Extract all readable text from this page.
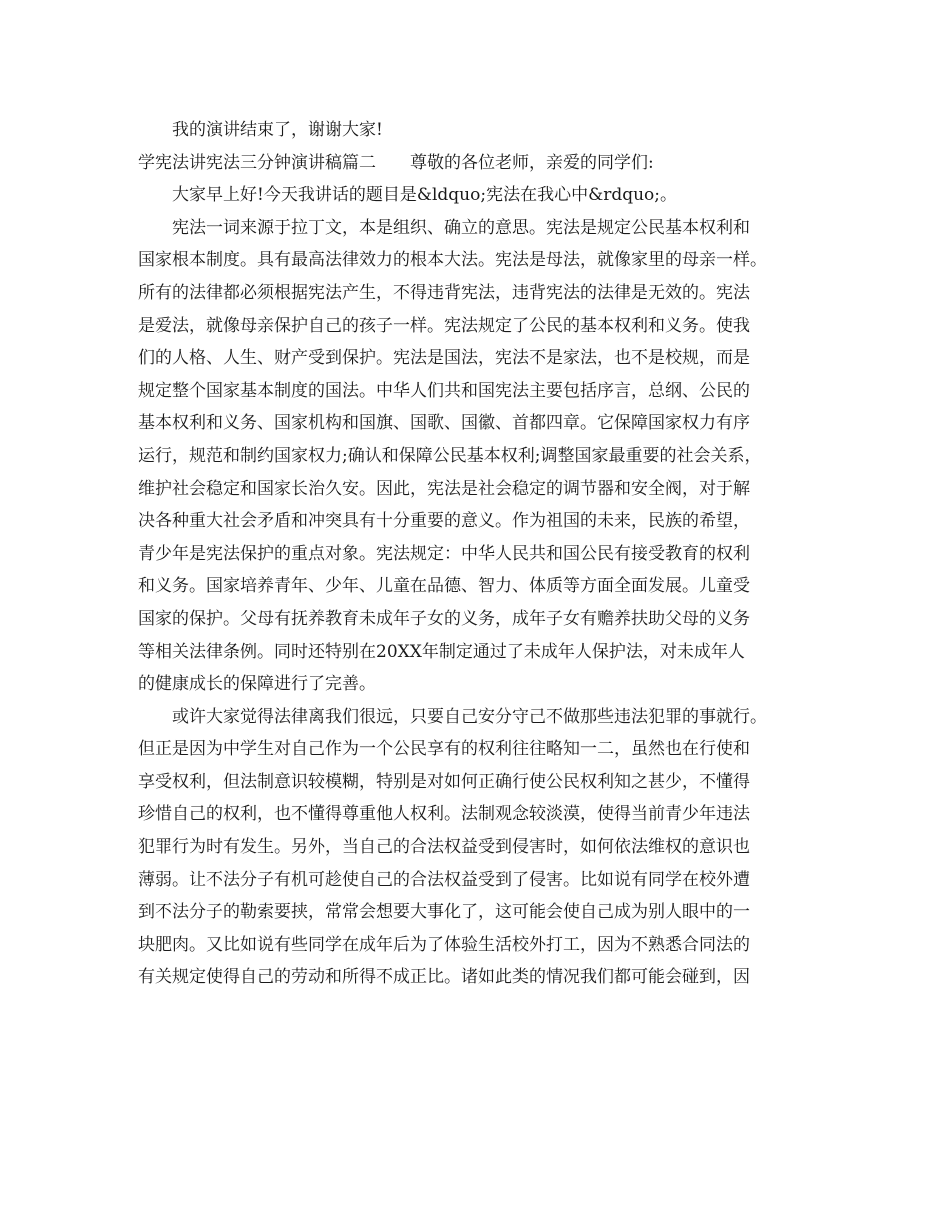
我的演讲结束了，谢谢大家!
学宪法讲宪法三分钟演讲稿篇二　　尊敬的各位老师，亲爱的同学们:
大家早上好!今天我讲话的题目是&ldquo;宪法在我心中&rdquo;。
宪法一词来源于拉丁文，本是组织、确立的意思。宪法是规定公民基本权利和
国家根本制度。具有最高法律效力的根本大法。宪法是母法，就像家里的母亲一样。
所有的法律都必须根据宪法产生，不得违背宪法，违背宪法的法律是无效的。宪法
是爱法，就像母亲保护自己的孩子一样。宪法规定了公民的基本权利和义务。使我
们的人格、人生、财产受到保护。宪法是国法，宪法不是家法，也不是校规，而是
规定整个国家基本制度的国法。中华人们共和国宪法主要包括序言，总纲、公民的
基本权利和义务、国家机构和国旗、国歌、国徽、首都四章。它保障国家权力有序
运行，规范和制约国家权力;确认和保障公民基本权利;调整国家最重要的社会关系，
维护社会稳定和国家长治久安。因此，宪法是社会稳定的调节器和安全阀，对于解
决各种重大社会矛盾和冲突具有十分重要的意义。作为祖国的未来，民族的希望，
青少年是宪法保护的重点对象。宪法规定：中华人民共和国公民有接受教育的权利
和义务。国家培养青年、少年、儿童在品德、智力、体质等方面全面发展。儿童受
国家的保护。父母有抚养教育未成年子女的义务，成年子女有赡养扶助父母的义务
等相关法律条例。同时还特别在20XX年制定通过了未成年人保护法，对未成年人
的健康成长的保障进行了完善。
或许大家觉得法律离我们很远，只要自己安分守己不做那些违法犯罪的事就行。
但正是因为中学生对自己作为一个公民享有的权利往往略知一二，虽然也在行使和
享受权利，但法制意识较模糊，特别是对如何正确行使公民权利知之甚少，不懂得
珍惜自己的权利，也不懂得尊重他人权利。法制观念较淡漠，使得当前青少年违法
犯罪行为时有发生。另外，当自己的合法权益受到侵害时，如何依法维权的意识也
薄弱。让不法分子有机可趁使自己的合法权益受到了侵害。比如说有同学在校外遭
到不法分子的勒索要挟，常常会想要大事化了，这可能会使自己成为别人眼中的一
块肥肉。又比如说有些同学在成年后为了体验生活校外打工，因为不熟悉合同法的
有关规定使得自己的劳动和所得不成正比。诸如此类的情况我们都可能会碰到，因
